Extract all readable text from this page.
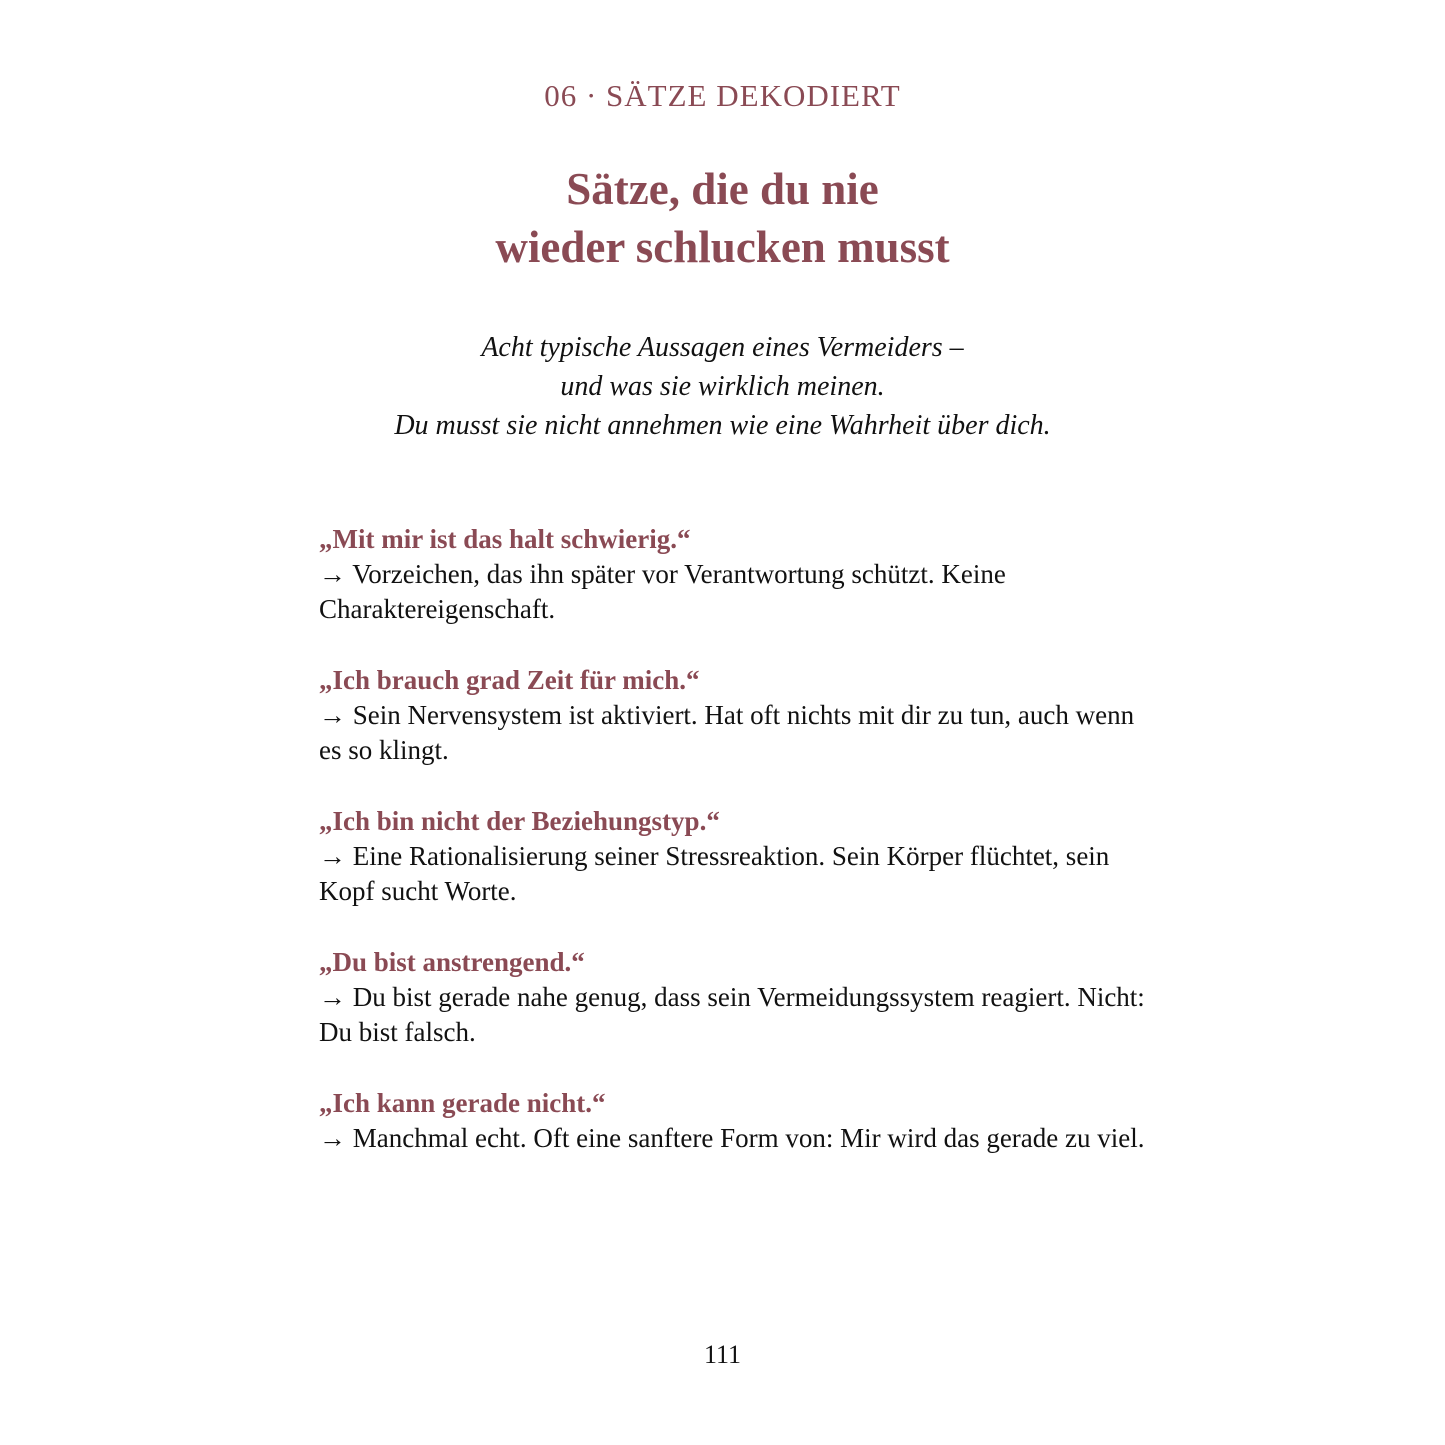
06 · SÄTZE DEKODIERT
Sätze, die du nie
wieder schlucken musst
Acht typische Aussagen eines Vermeiders –
und was sie wirklich meinen.
Du musst sie nicht annehmen wie eine Wahrheit über dich.
„Mit mir ist das halt schwierig.“
→ Vorzeichen, das ihn später vor Verantwortung schützt. Keine Charaktereigenschaft.
„Ich brauch grad Zeit für mich.“
→ Sein Nervensystem ist aktiviert. Hat oft nichts mit dir zu tun, auch wenn es so klingt.
„Ich bin nicht der Beziehungstyp.“
→ Eine Rationalisierung seiner Stressreaktion. Sein Körper flüchtet, sein Kopf sucht Worte.
„Du bist anstrengend.“
→ Du bist gerade nahe genug, dass sein Vermeidungssystem reagiert. Nicht: Du bist falsch.
„Ich kann gerade nicht.“
→ Manchmal echt. Oft eine sanftere Form von: Mir wird das gerade zu viel.
111
